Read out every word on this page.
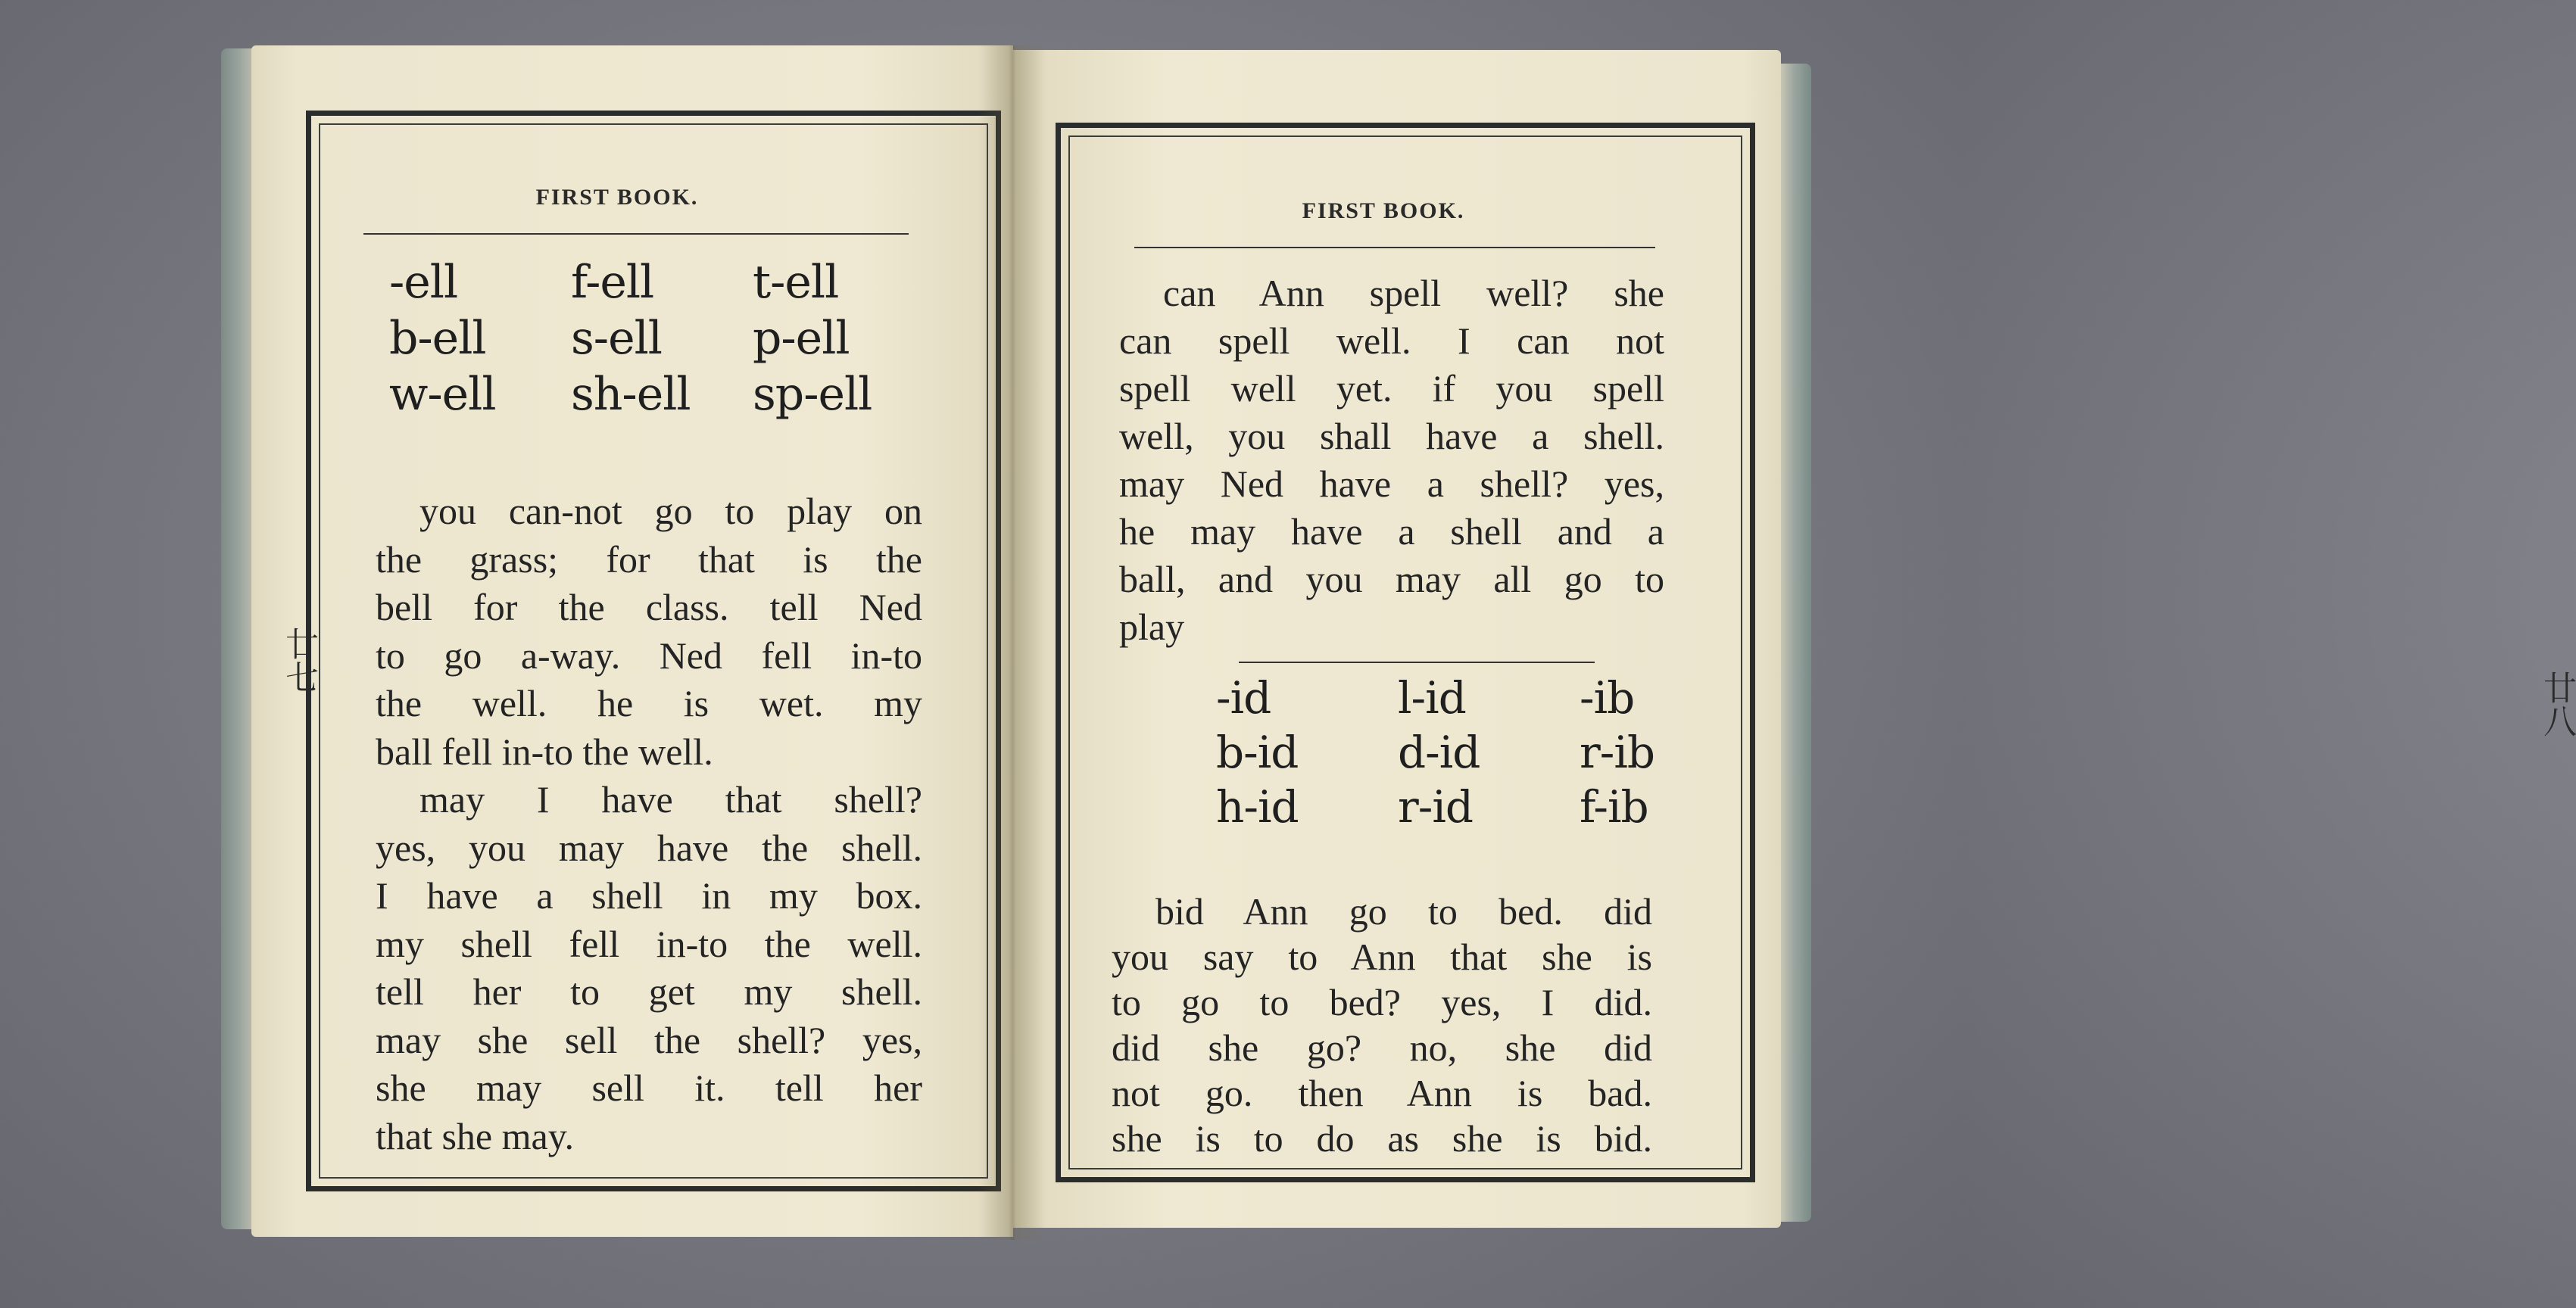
FIRST BOOK.
-ell	f-ell	t-ell
b-ell	s-ell	p-ell
w-ell	sh-ell	sp-ell

you can-not go to play on

the grass; for that is the

bell for the class. tell Ned

to go a-way. Ned fell in-to

the well. he is wet. my

ball fell in-to the well.

may I have that shell?

yes, you may have the shell.

I have a shell in my box.

my shell fell in-to the well.

tell her to get my shell.

may she sell the shell? yes,

she may sell it. tell her

that she may.

廿七
FIRST BOOK.

can Ann spell well? she

can spell well. I can not

spell well yet. if you spell

well, you shall have a shell.

may Ned have a shell? yes,

he may have a shell and a

ball, and you may all go to

play

-id	l-id	-ib
b-id	d-id	r-ib
h-id	r-id	f-ib

bid Ann go to bed. did

you say to Ann that she is

to go to bed? yes, I did.

did she go? no, she did

not go. then Ann is bad.

she is to do as she is bid.

廿八
